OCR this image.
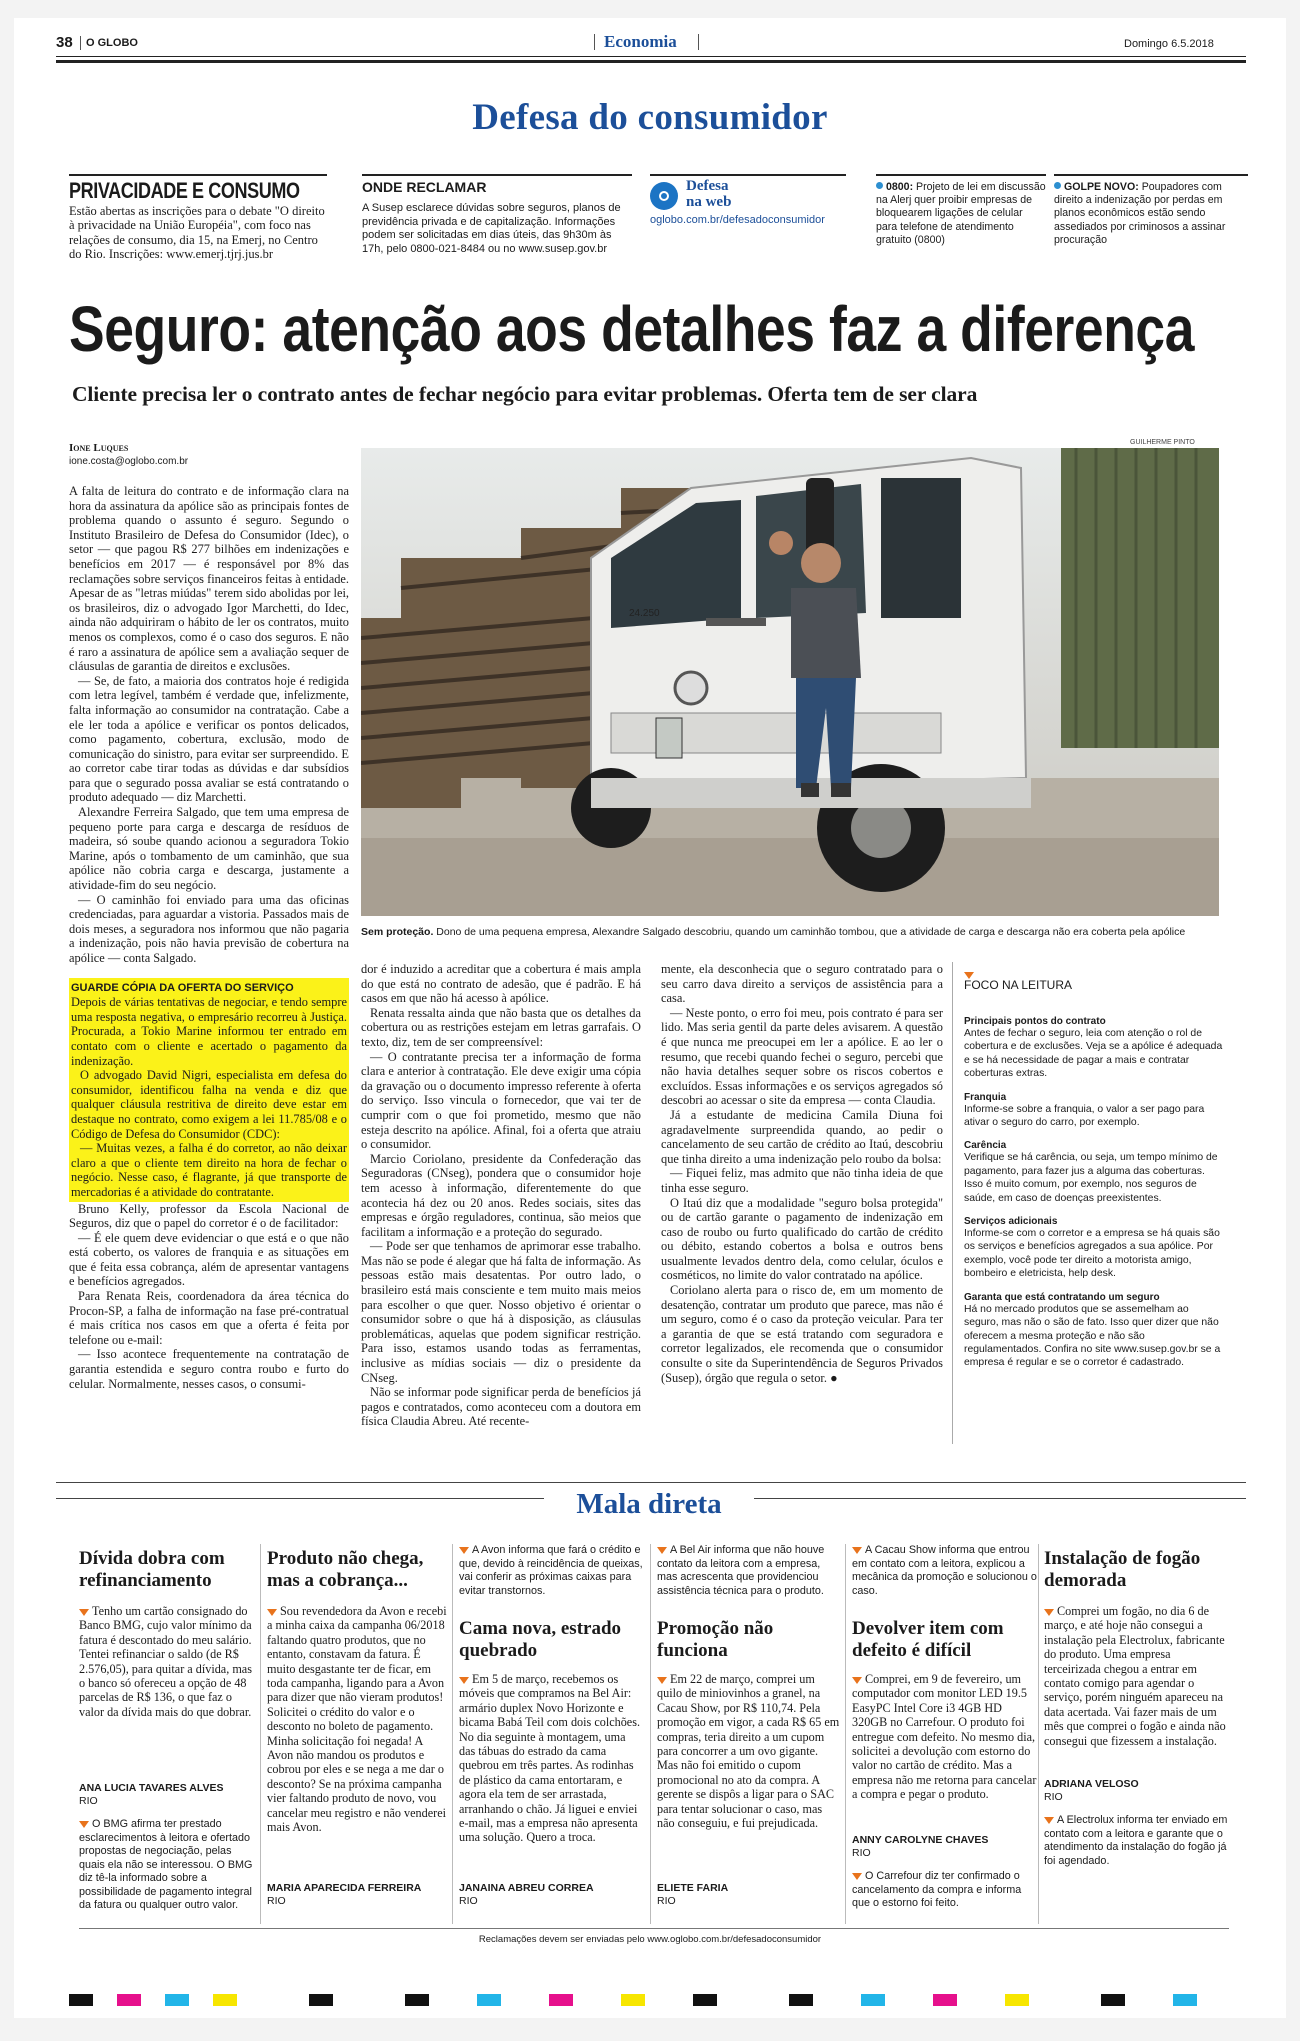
38 O GLOBO	Economia	Domingo 6.5.2018
Defesa do consumidor
PRIVACIDADE E CONSUMO
Estão abertas as inscrições para o debate "O direito à privacidade na União Européia", com foco nas relações de consumo, dia 15, na Emerj, no Centro do Rio. Inscrições: www.emerj.tjrj.jus.br
ONDE RECLAMAR
A Susep esclarece dúvidas sobre seguros, planos de previdência privada e de capitalização. Informações podem ser solicitadas em dias úteis, das 9h30m às 17h, pelo 0800-021-8484 ou no www.susep.gov.br
Defesa
na web
oglobo.com.br/defesadoconsumidor
0800: Projeto de lei em discussão na Alerj quer proibir empresas de bloquearem ligações de celular para telefone de atendimento gratuito (0800)
GOLPE NOVO: Poupadores com direito a indenização por perdas em planos econômicos estão sendo assediados por criminosos a assinar procuração
Seguro: atenção aos detalhes faz a diferença
Cliente precisa ler o contrato antes de fechar negócio para evitar problemas. Oferta tem de ser clara
Ione Luques
ione.costa@oglobo.com.br
GUILHERME PINTO
24.250
Sem proteção. Dono de uma pequena empresa, Alexandre Salgado descobriu, quando um caminhão tombou, que a atividade de carga e descarga não era coberta pela apólice

A falta de leitura do contrato e de informação clara na hora da assinatura da apólice são as principais fontes de problema quando o assunto é seguro. Segundo o Instituto Brasileiro de Defesa do Consumidor (Idec), o setor — que pagou R$ 277 bilhões em indenizações e benefícios em 2017 — é responsável por 8% das reclamações sobre serviços financeiros feitas à entidade. Apesar de as "letras miúdas" terem sido abolidas por lei, os brasileiros, diz o advogado Igor Marchetti, do Idec, ainda não adquiriram o hábito de ler os contratos, muito menos os complexos, como é o caso dos seguros. E não é raro a assinatura de apólice sem a avaliação sequer de cláusulas de garantia de direitos e exclusões.

— Se, de fato, a maioria dos contratos hoje é redigida com letra legível, também é verdade que, infelizmente, falta informação ao consumidor na contratação. Cabe a ele ler toda a apólice e verificar os pontos delicados, como pagamento, cobertura, exclusão, modo de comunicação do sinistro, para evitar ser surpreendido. E ao corretor cabe tirar todas as dúvidas e dar subsídios para que o segurado possa avaliar se está contratando o produto adequado — diz Marchetti.

Alexandre Ferreira Salgado, que tem uma empresa de pequeno porte para carga e descarga de resíduos de madeira, só soube quando acionou a seguradora Tokio Marine, após o tombamento de um caminhão, que sua apólice não cobria carga e descarga, justamente a atividade-fim do seu negócio.

— O caminhão foi enviado para uma das oficinas credenciadas, para aguardar a vistoria. Passados mais de dois meses, a seguradora nos informou que não pagaria a indenização, pois não havia previsão de cobertura na apólice — conta Salgado.

GUARDE CÓPIA DA OFERTA DO SERVIÇO

Depois de várias tentativas de negociar, e tendo sempre uma resposta negativa, o empresário recorreu à Justiça. Procurada, a Tokio Marine informou ter entrado em contato com o cliente e acertado o pagamento da indenização.

O advogado David Nigri, especialista em defesa do consumidor, identificou falha na venda e diz que qualquer cláusula restritiva de direito deve estar em destaque no contrato, como exigem a lei 11.785/08 e o Código de Defesa do Consumidor (CDC):

— Muitas vezes, a falha é do corretor, ao não deixar claro a que o cliente tem direito na hora de fechar o negócio. Nesse caso, é flagrante, já que transporte de mercadorias é a atividade do contratante.

Bruno Kelly, professor da Escola Nacional de Seguros, diz que o papel do corretor é o de facilitador:

— É ele quem deve evidenciar o que está e o que não está coberto, os valores de franquia e as situações em que é feita essa cobrança, além de apresentar vantagens e benefícios agregados.

Para Renata Reis, coordenadora da área técnica do Procon-SP, a falha de informação na fase pré-contratual é mais crítica nos casos em que a oferta é feita por telefone ou e-mail:

— Isso acontece frequentemente na contratação de garantia estendida e seguro contra roubo e furto do celular. Normalmente, nesses casos, o consumi-

dor é induzido a acreditar que a cobertura é mais ampla do que está no contrato de adesão, que é padrão. E há casos em que não há acesso à apólice.

Renata ressalta ainda que não basta que os detalhes da cobertura ou as restrições estejam em letras garrafais. O texto, diz, tem de ser compreensível:

— O contratante precisa ter a informação de forma clara e anterior à contratação. Ele deve exigir uma cópia da gravação ou o documento impresso referente à oferta do serviço. Isso vincula o fornecedor, que vai ter de cumprir com o que foi prometido, mesmo que não esteja descrito na apólice. Afinal, foi a oferta que atraiu o consumidor.

Marcio Coriolano, presidente da Confederação das Seguradoras (CNseg), pondera que o consumidor hoje tem acesso à informação, diferentemente do que acontecia há dez ou 20 anos. Redes sociais, sites das empresas e órgão reguladores, continua, são meios que facilitam a informação e a proteção do segurado.

— Pode ser que tenhamos de aprimorar esse trabalho. Mas não se pode é alegar que há falta de informação. As pessoas estão mais desatentas. Por outro lado, o brasileiro está mais consciente e tem muito mais meios para escolher o que quer. Nosso objetivo é orientar o consumidor sobre o que há à disposição, as cláusulas problemáticas, aquelas que podem significar restrição. Para isso, estamos usando todas as ferramentas, inclusive as mídias sociais — diz o presidente da CNseg.

Não se informar pode significar perda de benefícios já pagos e contratados, como aconteceu com a doutora em física Claudia Abreu. Até recente-

mente, ela desconhecia que o seguro contratado para o seu carro dava direito a serviços de assistência para a casa.

— Neste ponto, o erro foi meu, pois contrato é para ser lido. Mas seria gentil da parte deles avisarem. A questão é que nunca me preocupei em ler a apólice. E ao ler o resumo, que recebi quando fechei o seguro, percebi que não havia detalhes sequer sobre os riscos cobertos e excluídos. Essas informações e os serviços agregados só descobri ao acessar o site da empresa — conta Claudia.

Já a estudante de medicina Camila Diuna foi agradavelmente surpreendida quando, ao pedir o cancelamento de seu cartão de crédito ao Itaú, descobriu que tinha direito a uma indenização pelo roubo da bolsa:

— Fiquei feliz, mas admito que não tinha ideia de que tinha esse seguro.

O Itaú diz que a modalidade "seguro bolsa protegida" ou de cartão garante o pagamento de indenização em caso de roubo ou furto qualificado do cartão de crédito ou débito, estando cobertos a bolsa e outros bens usualmente levados dentro dela, como celular, óculos e cosméticos, no limite do valor contratado na apólice.

Coriolano alerta para o risco de, em um momento de desatenção, contratar um produto que parece, mas não é um seguro, como é o caso da proteção veicular. Para ter a garantia de que se está tratando com seguradora e corretor legalizados, ele recomenda que o consumidor consulte o site da Superintendência de Seguros Privados (Susep), órgão que regula o setor. ●

FOCO NA LEITURA
Principais pontos do contrato
Antes de fechar o seguro, leia com atenção o rol de cobertura e de exclusões. Veja se a apólice é adequada e se há necessidade de pagar a mais e contratar coberturas extras.
Franquia
Informe-se sobre a franquia, o valor a ser pago para ativar o seguro do carro, por exemplo.
Carência
Verifique se há carência, ou seja, um tempo mínimo de pagamento, para fazer jus a alguma das coberturas. Isso é muito comum, por exemplo, nos seguros de saúde, em caso de doenças preexistentes.
Serviços adicionais
Informe-se com o corretor e a empresa se há quais são os serviços e benefícios agregados a sua apólice. Por exemplo, você pode ter direito a motorista amigo, bombeiro e eletricista, help desk.
Garanta que está contratando um seguro
Há no mercado produtos que se assemelham ao seguro, mas não o são de fato. Isso quer dizer que não oferecem a mesma proteção e não são regulamentados. Confira no site www.susep.gov.br se a empresa é regular e se o corretor é cadastrado.
Mala direta
Dívida dobra com refinanciamento
Tenho um cartão consignado do Banco BMG, cujo valor mínimo da fatura é descontado do meu salário. Tentei refinanciar o saldo (de R$ 2.576,05), para quitar a dívida, mas o banco só ofereceu a opção de 48 parcelas de R$ 136, o que faz o valor da dívida mais do que dobrar.
ANA LUCIA TAVARES ALVES
RIO
O BMG afirma ter prestado esclarecimentos à leitora e ofertado propostas de negociação, pelas quais ela não se interessou. O BMG diz tê-la informado sobre a possibilidade de pagamento integral da fatura ou qualquer outro valor.
Produto não chega, mas a cobrança...
Sou revendedora da Avon e recebi a minha caixa da campanha 06/2018 faltando quatro produtos, que no entanto, constavam da fatura. É muito desgastante ter de ficar, em toda campanha, ligando para a Avon para dizer que não vieram produtos! Solicitei o crédito do valor e o desconto no boleto de pagamento. Minha solicitação foi negada! A Avon não mandou os produtos e cobrou por eles e se nega a me dar o desconto? Se na próxima campanha vier faltando produto de novo, vou cancelar meu registro e não venderei mais Avon.
MARIA APARECIDA FERREIRA
RIO
A Avon informa que fará o crédito e que, devido à reincidência de queixas, vai conferir as próximas caixas para evitar transtornos.
Cama nova, estrado quebrado
Em 5 de março, recebemos os móveis que compramos na Bel Air: armário duplex Novo Horizonte e bicama Babá Teil com dois colchões. No dia seguinte à montagem, uma das tábuas do estrado da cama quebrou em três partes. As rodinhas de plástico da cama entortaram, e agora ela tem de ser arrastada, arranhando o chão. Já liguei e enviei e-mail, mas a empresa não apresenta uma solução. Quero a troca.
JANAINA ABREU CORREA
RIO
A Bel Air informa que não houve contato da leitora com a empresa, mas acrescenta que providenciou assistência técnica para o produto.
Promoção não funciona
Em 22 de março, comprei um quilo de miniovinhos a granel, na Cacau Show, por R$ 110,74. Pela promoção em vigor, a cada R$ 65 em compras, teria direito a um cupom para concorrer a um ovo gigante. Mas não foi emitido o cupom promocional no ato da compra. A gerente se dispôs a ligar para o SAC para tentar solucionar o caso, mas não conseguiu, e fui prejudicada.
ELIETE FARIA
RIO
A Cacau Show informa que entrou em contato com a leitora, explicou a mecânica da promoção e solucionou o caso.
Devolver item com defeito é difícil
Comprei, em 9 de fevereiro, um computador com monitor LED 19.5 EasyPC Intel Core i3 4GB HD 320GB no Carrefour. O produto foi entregue com defeito. No mesmo dia, solicitei a devolução com estorno do valor no cartão de crédito. Mas a empresa não me retorna para cancelar a compra e pegar o produto.
ANNY CAROLYNE CHAVES
RIO
O Carrefour diz ter confirmado o cancelamento da compra e informa que o estorno foi feito.
Instalação de fogão demorada
Comprei um fogão, no dia 6 de março, e até hoje não consegui a instalação pela Electrolux, fabricante do produto. Uma empresa terceirizada chegou a entrar em contato comigo para agendar o serviço, porém ninguém apareceu na data acertada. Vai fazer mais de um mês que comprei o fogão e ainda não consegui que fizessem a instalação.
ADRIANA VELOSO
RIO
A Electrolux informa ter enviado em contato com a leitora e garante que o atendimento da instalação do fogão já foi agendado.
Reclamações devem ser enviadas pelo www.oglobo.com.br/defesadoconsumidor
